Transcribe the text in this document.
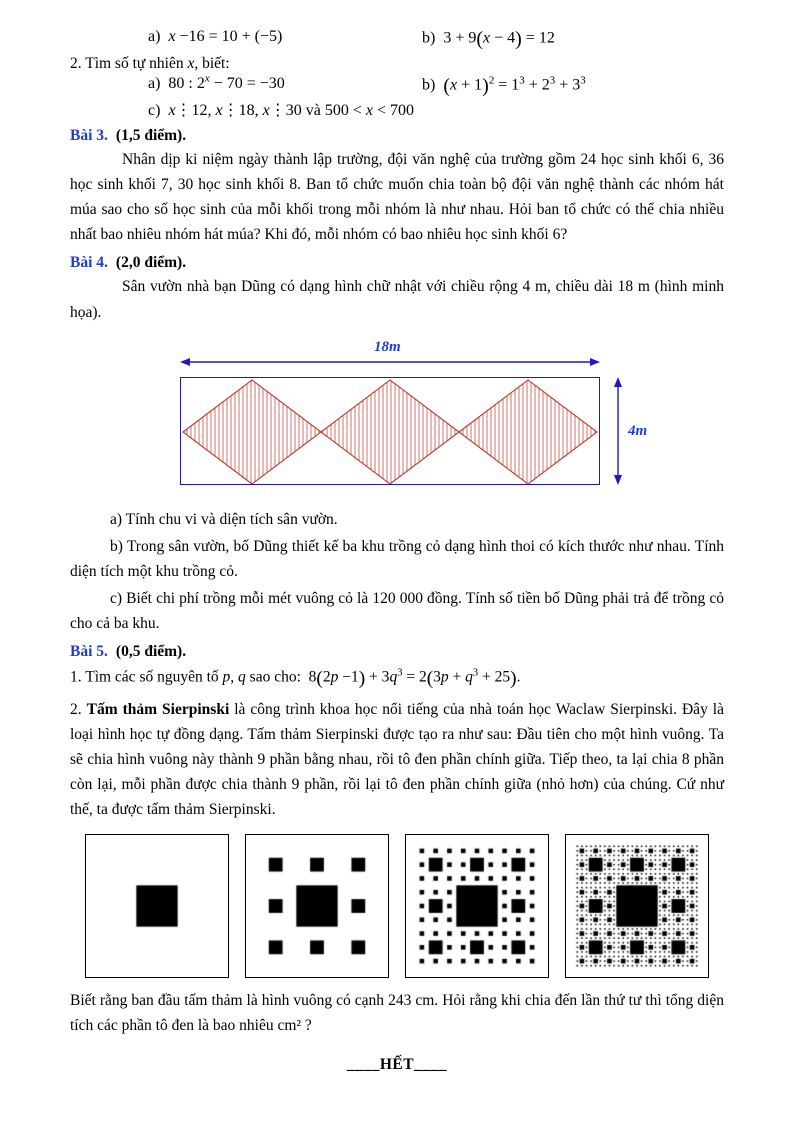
a)  x −16 = 10 + (−5)	b)  3 + 9(x − 4) = 12
2. Tìm số tự nhiên x, biết:
a)  80 : $2^x - 70 = -30$	b)  $(x + 1)^2 = 1^3 + 2^3 + 3^3$
c)  x⋮12, x⋮18, x⋮30 và 500 < x < 700
Bài 3. (1,5 điểm).
Nhân dịp ki niệm ngày thành lập trường, đội văn nghệ của trường gồm 24 học sinh khối 6, 36 học sinh khối 7, 30 học sinh khối 8. Ban tổ chức muốn chia toàn bộ đội văn nghệ thành các nhóm hát múa sao cho số học sinh của mỗi khối trong mỗi nhóm là như nhau. Hỏi ban tổ chức có thể chia nhiều nhất bao nhiêu nhóm hát múa? Khi đó, mỗi nhóm có bao nhiêu học sinh khối 6?
Bài 4. (2,0 điểm).
Sân vườn nhà bạn Dũng có dạng hình chữ nhật với chiều rộng 4 m, chiều dài 18 m (hình minh họa).
18m
4m
a) Tính chu vi và diện tích sân vườn.
b) Trong sân vườn, bố Dũng thiết kế ba khu trồng cỏ dạng hình thoi có kích thước như nhau. Tính diện tích một khu trồng cỏ.
c) Biết chi phí trồng mỗi mét vuông cỏ là 120 000 đồng. Tính số tiền bố Dũng phải trả để trồng cỏ cho cả ba khu.
Bài 5. (0,5 điểm).
1. Tìm các số nguyên tố p, q sao cho:  $8(2p -1) + 3q^3 = 2(3p + q^3 + 25)$.
2. Tấm thảm Sierpinski là công trình khoa học nổi tiếng của nhà toán học Waclaw Sierpinski. Đây là loại hình học tự đồng dạng. Tấm thảm Sierpinski được tạo ra như sau: Đầu tiên cho một hình vuông. Ta sẽ chia hình vuông này thành 9 phần bằng nhau, rồi tô đen phần chính giữa. Tiếp theo, ta lại chia 8 phần còn lại, mỗi phần được chia thành 9 phần, rồi lại tô đen phần chính giữa (nhỏ hơn) của chúng. Cứ như thế, ta được tấm thảm Sierpinski.
Biết rằng ban đầu tấm thảm là hình vuông có cạnh 243 cm. Hỏi rằng khi chia đến lần thứ tư thì tổng diện tích các phần tô đen là bao nhiêu cm² ?
____HẾT____
